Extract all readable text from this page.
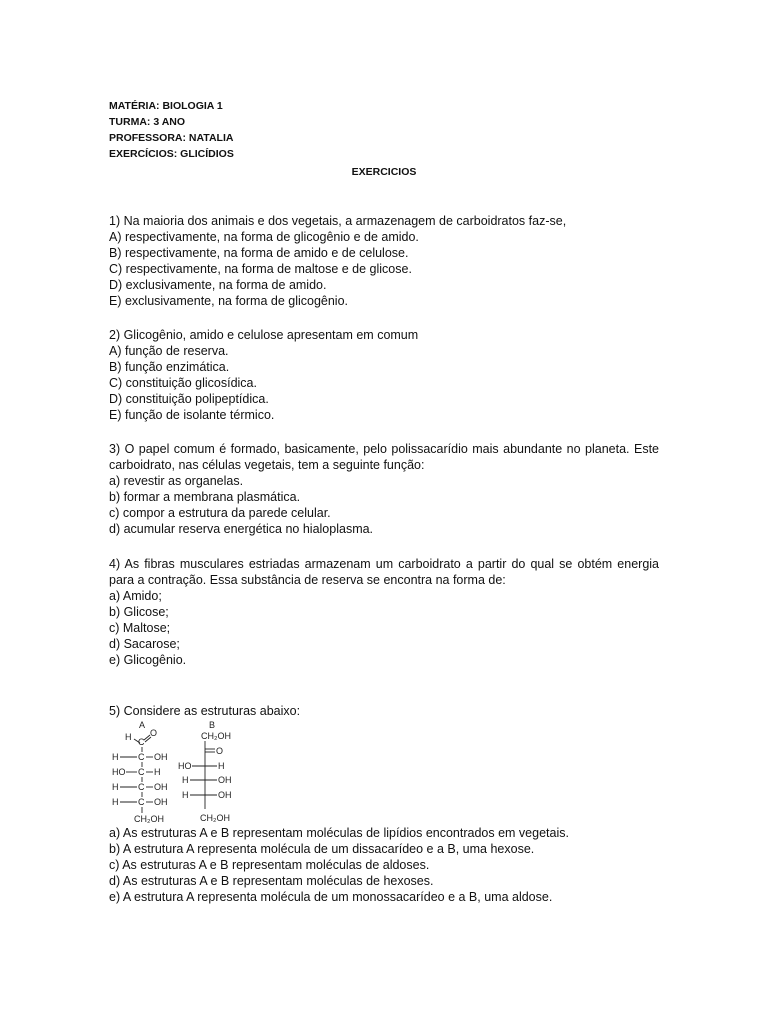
MATÉRIA: BIOLOGIA 1
TURMA: 3 ANO
PROFESSORA: NATALIA
EXERCÍCIOS: GLICÍDIOS
EXERCICIOS
1) Na maioria dos animais e dos vegetais, a armazenagem de carboidratos faz-se,
A) respectivamente, na forma de glicogênio e de amido.
B) respectivamente, na forma de amido e de celulose.
C) respectivamente, na forma de maltose e de glicose.
D) exclusivamente, na forma de amido.
E) exclusivamente, na forma de glicogênio.
2) Glicogênio, amido e celulose apresentam em comum
A) função de reserva.
B) função enzimática.
C) constituição glicosídica.
D) constituição polipeptídica.
E) função de isolante térmico.
3) O papel comum é formado, basicamente, pelo polissacarídio mais abundante no planeta. Este carboidrato, nas células vegetais, tem a seguinte função:
a) revestir as organelas.
b) formar a membrana plasmática.
c) compor a estrutura da parede celular.
d) acumular reserva energética no hialoplasma.
4) As fibras musculares estriadas armazenam um carboidrato a partir do qual se obtém energia para a contração. Essa substância de reserva se encontra na forma de:
a) Amido;
b) Glicose;
c) Maltose;
d) Sacarose;
e) Glicogênio.
5) Considere as estruturas abaixo:
A
H C
O
H C OH
HO C H
H C OH
H C OH
CH₂OH
B
CH₂OH
O
HO	H
H	OH
H	OH
CH₂OH
a) As estruturas A e B representam moléculas de lipídios encontrados em vegetais.
b) A estrutura A representa molécula de um dissacarídeo e a B, uma hexose.
c) As estruturas A e B representam moléculas de aldoses.
d) As estruturas A e B representam moléculas de hexoses.
e) A estrutura A representa molécula de um monossacarídeo e a B, uma aldose.
